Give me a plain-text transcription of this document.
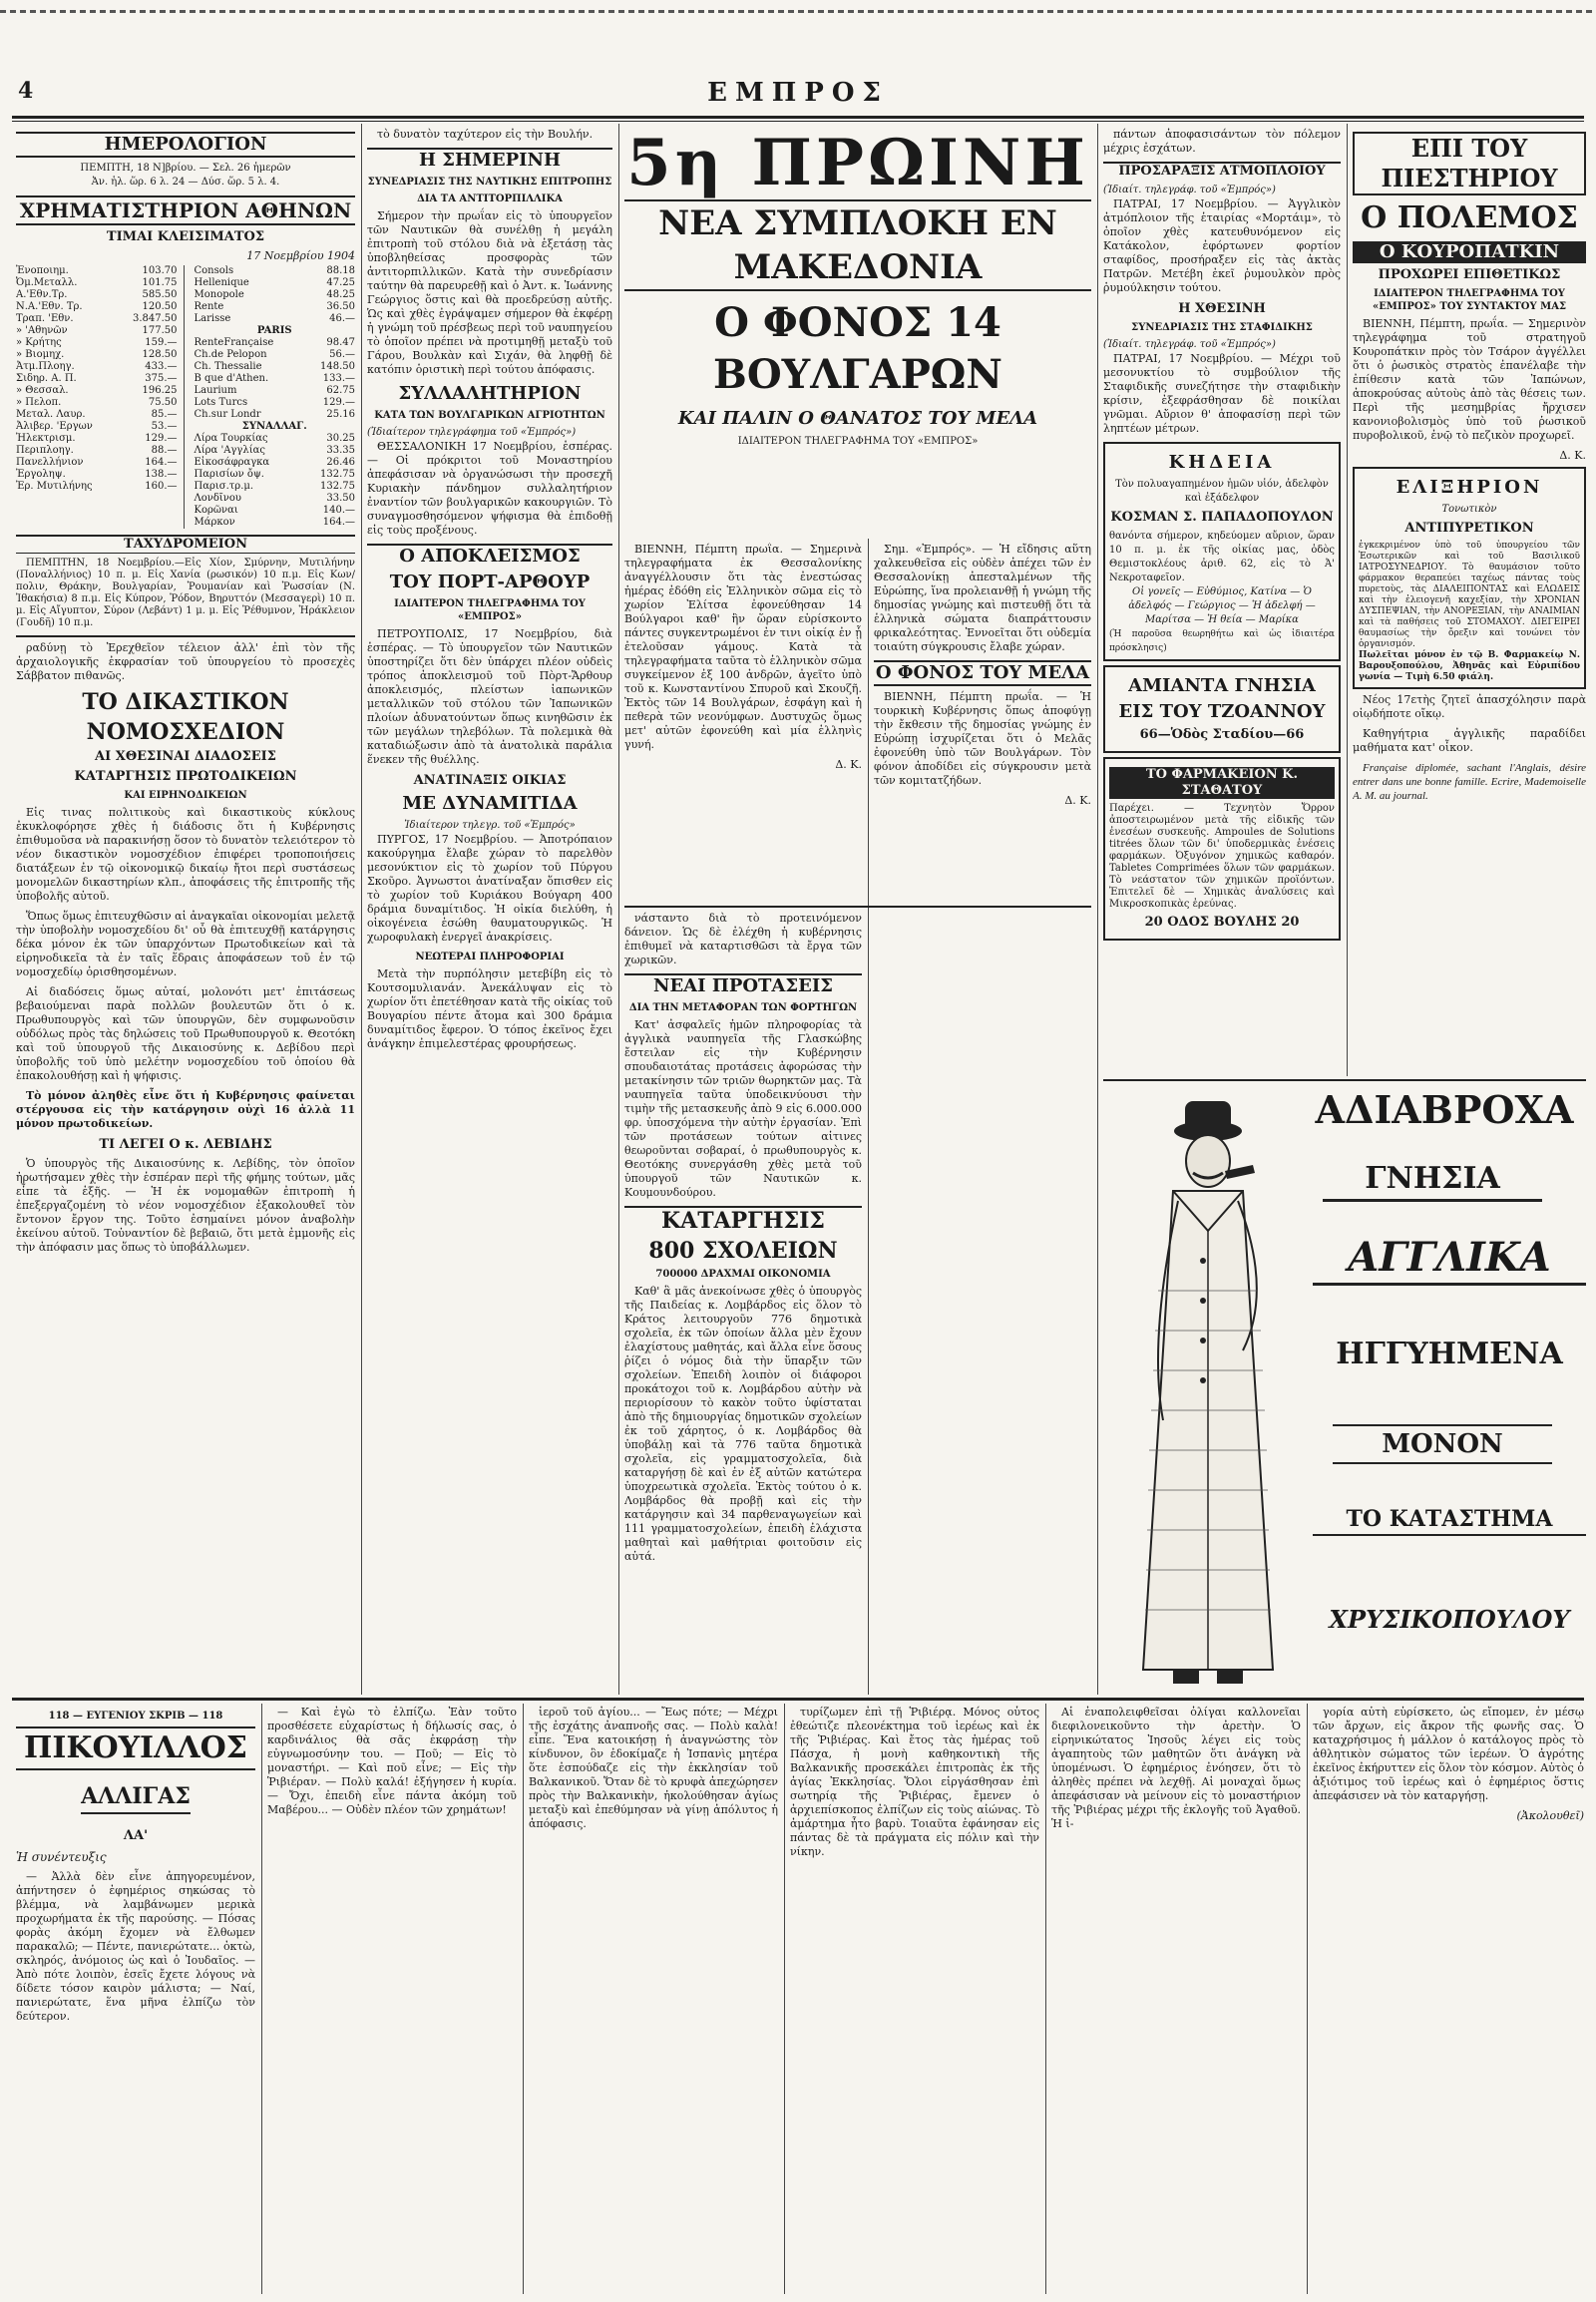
4	ΕΜΠΡΟΣ
ΗΜΕΡΟΛΟΓΙΟΝ
ΠΕΜΠΤΗ, 18 Ν]βρίου. — Σελ. 26 ἡμερῶν
Ἀν. ἡλ. ὥρ. 6 λ. 24 — Δύσ. ὥρ. 5 λ. 4.
ΧΡΗΜΑΤΙΣΤΗΡΙΟΝ ΑΘΗΝΩΝ
ΤΙΜΑΙ ΚΛΕΙΣΙΜΑΤΟΣ
17 Νοεμβρίου 1904
Ἐνοποιημ.	103.70
Ὀμ.Μεταλλ.	101.75
Α.'Εθν.Τρ.	585.50
Ν.Α.'Εθν. Τρ.	120.50
Τραπ. 'Εθν.	3.847.50
» 'Αθηνῶν	177.50
» Κρήτης	159.—
» Βιομηχ.	128.50
Ἀτμ.Πλοηγ.	433.—
Σιδηρ. Α. Π.	375.—
» Θεσσαλ.	196.25
» Πελοπ.	75.50
Μεταλ. Λαυρ.	85.—
Ἀλιβερ. 'Εργων	53.—
Ἠλεκτρισμ.	129.—
Περιπλοηγ.	88.—
Πανελλήνιον	164.—
Ἐργοληψ.	138.—
Ἐρ. Μυτιλήνης	160.—
Consols	88.18
Hellenique	47.25
Monopole	48.25
Rente	36.50
Larisse	46.—
PARIS
RenteFrançaise	98.47
Ch.de Pelopon	56.—
Ch. Thessalie	148.50
B que d'Athen.	133.—
Laurium	62.75
Lots Turcs	129.—
Ch.sur Londr	25.16
ΣΥΝΑΛΛΑΓ.
Λίρα Τουρκίας	30.25
Λίρα 'Αγγλίας	33.35
Εἰκοσάφραγκα	26.46
Παρισίων ὄψ.	132.75
Παρισ.τρ.μ.	132.75
Λονδῖνου	33.50
Κορῶναι	140.—
Μάρκον	164.—
ΤΑΧΥΔΡΟΜΕΙΟΝ

ΠΕΜΠΤΗΝ, 18 Νοεμβρίου.—Εἰς Χίον, Σμύρνην, Μυτιλήνην (Ποναλλήνιος) 10 π. μ. Εἰς Χανία (ρωσικόν) 10 π.μ. Εἰς Κων/πολιν, Θράκην, Βουλγαρίαν, Ῥουμανίαν καὶ Ῥωσσίαν (Ν. Ἰθακήσια) 8 π.μ. Εἰς Κύπρον, Ῥόδον, Βηρυττόν (Μεσσαγερὶ) 10 π. μ. Εἰς Αἴγυπτον, Σύρον (Λεβάντ) 1 μ. μ. Εἰς Ῥέθυμνον, Ἡράκλειον (Γουδῆ) 10 π.μ.

ραδύνῃ τὸ Ἐρεχθεῖον τέλειον ἀλλ' ἐπὶ τὸν τῆς ἀρχαιολογικῆς ἐκφρασίαν τοῦ ὑπουργείου τὸ προσεχὲς Σάββατον πιθανῶς.

ΤΟ ΔΙΚΑΣΤΙΚΟΝ
ΝΟΜΟΣΧΕΔΙΟΝ
ΑΙ ΧΘΕΣΙΝΑΙ ΔΙΑΔΟΣΕΙΣ
ΚΑΤΑΡΓΗΣΙΣ ΠΡΩΤΟΔΙΚΕΙΩΝ
ΚΑΙ ΕΙΡΗΝΟΔΙΚΕΙΩΝ

Εἰς τινας πολιτικοὺς καὶ δικαστικοὺς κύκλους ἐκυκλοφόρησε χθὲς ἡ διάδοσις ὅτι ἡ Κυβέρνησις ἐπιθυμοῦσα νὰ παρακινήσῃ ὅσον τὸ δυνατὸν τελειότερον τὸ νέον δικαστικὸν νομοσχέδιον ἐπιφέρει τροποποιήσεις διατάξεων ἐν τῷ οἰκονομικῷ δικαίῳ ἤτοι περὶ συστάσεως μονομελῶν δικαστηρίων κλπ., ἀποφάσεις τῆς ἐπιτροπῆς τῆς ὑποβολῆς αὐτοῦ.

Ὅπως ὅμως ἐπιτευχθῶσιν αἱ ἀναγκαῖαι οἰκονομίαι μελετᾷ τὴν ὑποβολὴν νομοσχεδίου δι' οὗ θὰ ἐπιτευχθῇ κατάργησις δέκα μόνον ἐκ τῶν ὑπαρχόντων Πρωτοδικείων καὶ τὰ εἰρηνοδικεῖα τὰ ἐν ταῖς ἕδραις ἀποφάσεων τοῦ ἐν τῷ νομοσχεδίῳ ὀρισθησομένων.

Αἱ διαδόσεις ὅμως αὐταί, μολονότι μετ' ἐπιτάσεως βεβαιούμεναι παρὰ πολλῶν βουλευτῶν ὅτι ὁ κ. Πρωθυπουργὸς καὶ τῶν ὑπουργῶν, δὲν συμφωνοῦσιν οὐδόλως πρὸς τὰς δηλώσεις τοῦ Πρωθυπουργοῦ κ. Θεοτόκη καὶ τοῦ ὑπουργοῦ τῆς Δικαιοσύνης κ. Δεβίδου περὶ ὑποβολῆς τοῦ ὑπὸ μελέτην νομοσχεδίου τοῦ ὁποίου θὰ ἐπακολουθήσῃ καὶ ἡ ψήφισις.

Τὸ μόνον ἀληθὲς εἶνε ὅτι ἡ Κυβέρνησις φαίνεται στέργουσα εἰς τὴν κατάργησιν οὐχὶ 16 ἀλλὰ 11 μόνον πρωτοδικείων.

ΤΙ ΛΕΓΕΙ Ο κ. ΛΕΒΙΔΗΣ

Ὁ ὑπουργὸς τῆς Δικαιοσύνης κ. Λεβίδης, τὸν ὁποῖον ἠρωτήσαμεν χθὲς τὴν ἑσπέραν περὶ τῆς φήμης τούτων, μᾶς εἶπε τὰ ἑξῆς. — Ἡ ἐκ νομομαθῶν ἐπιτροπὴ ἡ ἐπεξεργαζομένη τὸ νέον νομοσχέδιον ἐξακολουθεῖ τὸν ἔντονον ἔργον της. Τοῦτο ἐσημαίνει μόνον ἀναβολὴν ἐκείνου αὐτοῦ. Τοὐναντίον δὲ βεβαιῶ, ὅτι μετὰ ἐμμονῆς εἰς τὴν ἀπόφασιν μας ὅπως τὸ ὑποβάλλωμεν.

τὸ δυνατὸν ταχύτερον εἰς τὴν Βουλήν.

Η ΣΗΜΕΡΙΝΗ
ΣΥΝΕΔΡΙΑΣΙΣ ΤΗΣ ΝΑΥΤΙΚΗΣ ΕΠΙΤΡΟΠΗΣ
ΔΙΑ ΤΑ ΑΝΤΙΤΟΡΠΙΛΛΙΚΑ

Σήμερον τὴν πρωΐαν εἰς τὸ ὑπουργεῖον τῶν Ναυτικῶν θὰ συνέλθῃ ἡ μεγάλη ἐπιτροπὴ τοῦ στόλου διὰ νὰ ἐξετάσῃ τὰς ὑποβληθείσας προσφορὰς τῶν ἀντιτορπιλλικῶν. Κατὰ τὴν συνεδρίασιν ταύτην θὰ παρευρεθῇ καὶ ὁ Ἀντ. κ. Ἰωάννης Γεώργιος ὅστις καὶ θὰ προεδρεύσῃ αὐτῆς. Ὡς καὶ χθὲς ἐγράψαμεν σήμερον θὰ ἐκφέρῃ ἡ γνώμη τοῦ πρέσβεως περὶ τοῦ ναυπηγείου τὸ ὁποῖον πρέπει νὰ προτιμηθῇ μεταξὺ τοῦ Γάρου, Βουλκὰν καὶ Σιχάν, θὰ ληφθῇ δὲ κατόπιν ὁριστικὴ περὶ τούτου ἀπόφασις.

ΣΥΛΛΑΛΗΤΗΡΙΟΝ
ΚΑΤΑ ΤΩΝ ΒΟΥΛΓΑΡΙΚΩΝ ΑΓΡΙΟΤΗΤΩΝ
(Ἰδιαίτερον τηλεγράφημα τοῦ «Ἐμπρός»)

ΘΕΣΣΑΛΟΝΙΚΗ 17 Νοεμβρίου, ἑσπέρας. — Οἱ πρόκριτοι τοῦ Μοναστηρίου ἀπεφάσισαν νὰ ὀργανώσωσι τὴν προσεχῆ Κυριακὴν πάνδημον συλλαλητήριον ἐναντίον τῶν βουλγαρικῶν κακουργιῶν. Τὸ συναγμοσθησόμενον ψήφισμα θὰ ἐπιδοθῇ εἰς τοὺς προξένους.

Ο ΑΠΟΚΛΕΙΣΜΟΣ
ΤΟΥ ΠΟΡΤ-ΑΡΘΟΥΡ
ΙΔΙΑΙΤΕΡΟΝ ΤΗΛΕΓΡΑΦΗΜΑ ΤΟΥ «ΕΜΠΡΟΣ»

ΠΕΤΡΟΥΠΟΛΙΣ, 17 Νοεμβρίου, διὰ ἑσπέρας. — Τὸ ὑπουργεῖον τῶν Ναυτικῶν ὑποστηρίζει ὅτι δὲν ὑπάρχει πλέον οὐδεὶς τρόπος ἀποκλεισμοῦ τοῦ Πὸρτ-Ἄρθουρ ἀποκλεισμός, πλείστων ἰαπωνικῶν μεταλλικῶν τοῦ στόλου τῶν Ἰαπωνικῶν πλοίων ἀδυνατούντων ὅπως κινηθῶσιν ἐκ τῶν μεγάλων τηλεβόλων. Τὰ πολεμικὰ θὰ καταδιώξωσιν ἀπὸ τὰ ἀνατολικὰ παράλια ἕνεκεν τῆς θυέλλης.

ΑΝΑΤΙΝΑΞΙΣ ΟΙΚΙΑΣ
ΜΕ ΔΥΝΑΜΙΤΙΔΑ
Ἰδιαίτερον τηλεγρ. τοῦ «Ἐμπρός»

ΠΥΡΓΟΣ, 17 Νοεμβρίου. — Ἀποτρόπαιον κακούργημα ἔλαβε χώραν τὸ παρελθὸν μεσονύκτιον εἰς τὸ χωρίον τοῦ Πύργου Σκοῦρο. Ἀγνωστοι ἀνατίναξαν ὅπισθεν εἰς τὸ χωρίον τοῦ Κυριάκου Βούγαρη 400 δράμια δυναμίτιδος. Ἡ οἰκία διελύθη, ἡ οἰκογένεια ἐσώθη θαυματουργικῶς. Ἡ χωροφυλακὴ ἐνεργεῖ ἀνακρίσεις.

ΝΕΩΤΕΡΑΙ ΠΛΗΡΟΦΟΡΙΑΙ

Μετὰ τὴν πυρπόλησιν μετεβίβη εἰς τὸ Κουτσομυλιανάν. Ἀνεκάλυψαν εἰς τὸ χωρίον ὅτι ἐπετέθησαν κατὰ τῆς οἰκίας τοῦ Βουγαρίου πέντε ἄτομα καὶ 300 δράμια δυναμίτιδος ἔφερον. Ὁ τόπος ἐκεῖνος ἔχει ἀνάγκην ἐπιμελεστέρας φρουρήσεως.

5η ΠΡΩΙΝΗ
ΝΕΑ ΣΥΜΠΛΟΚΗ ΕΝ ΜΑΚΕΔΟΝΙΑ
Ο ΦΟΝΟΣ 14 ΒΟΥΛΓΑΡΩΝ
ΚΑΙ ΠΑΛΙΝ Ο ΘΑΝΑΤΟΣ ΤΟΥ ΜΕΛΑ
ΙΔΙΑΙΤΕΡΟΝ ΤΗΛΕΓΡΑΦΗΜΑ ΤΟΥ «ΕΜΠΡΟΣ»

ΒΙΕΝΝΗ, Πέμπτη πρωΐα. — Σημερινὰ τηλεγραφήματα ἐκ Θεσσαλονίκης ἀναγγέλλουσιν ὅτι τὰς ἐνεστώσας ἡμέρας ἐδόθη εἰς Ἑλληνικὸν σῶμα εἰς τὸ χωρίον Ἐλίτσα ἐφονεύθησαν 14 Βούλγαροι καθ' ἣν ὥραν εὑρίσκοντο πάντες συγκεντρωμένοι ἐν τινι οἰκίᾳ ἐν ᾗ ἐτελοῦσαν γάμους. Κατὰ τὰ τηλεγραφήματα ταῦτα τὸ ἑλληνικὸν σῶμα συγκείμενον ἐξ 100 ἀνδρῶν, ἀγεῖτο ὑπὸ τοῦ κ. Κωνσταντίνου Σπυροῦ καὶ Σκουζῆ. Ἐκτὸς τῶν 14 Βουλγάρων, ἐσφάγη καὶ ἡ πεθερὰ τῶν νεονύμφων. Δυστυχῶς ὅμως μετ' αὐτῶν ἐφονεύθη καὶ μία ἑλληνὶς γυνή.

Δ. Κ.

Σημ. «Ἐμπρός». — Ἡ εἴδησις αὕτη χαλκευθεῖσα εἰς οὐδὲν ἀπέχει τῶν ἐν Θεσσαλονίκῃ ἀπεσταλμένων τῆς Εὐρώπης, ἵνα προλειανθῇ ἡ γνώμη τῆς δημοσίας γνώμης καὶ πιστευθῇ ὅτι τὰ ἑλληνικὰ σώματα διαπράττουσιν φρικαλεότητας. Ἐννοεῖται ὅτι οὐδεμία τοιαύτη σύγκρουσις ἔλαβε χώραν.

Ο ΦΟΝΟΣ ΤΟΥ ΜΕΛΑ

ΒΙΕΝΝΗ, Πέμπτη πρωΐα. — Ἡ τουρκικὴ Κυβέρνησις ὅπως ἀποφύγῃ τὴν ἔκθεσιν τῆς δημοσίας γνώμης ἐν Εὐρώπῃ ἰσχυρίζεται ὅτι ὁ Μελᾶς ἐφονεύθη ὑπὸ τῶν Βουλγάρων. Τὸν φόνον ἀποδίδει εἰς σύγκρουσιν μετὰ τῶν κομιτατζήδων.

Δ. Κ.

νάσταντο διὰ τὸ προτεινόμενον δάνειον. Ὡς δὲ ἐλέχθη ἡ κυβέρνησις ἐπιθυμεῖ νὰ καταρτισθῶσι τὰ ἔργα τῶν χωρικῶν.

ΝΕΑΙ ΠΡΟΤΑΣΕΙΣ
ΔΙΑ ΤΗΝ ΜΕΤΑΦΟΡΑΝ ΤΩΝ ΦΟΡΤΗΓΩΝ

Κατ' ἀσφαλεῖς ἡμῶν πληροφορίας τὰ ἀγγλικὰ ναυπηγεῖα τῆς Γλασκώβης ἔστειλαν εἰς τὴν Κυβέρνησιν σπουδαιοτάτας προτάσεις ἀφορώσας τὴν μετακίνησιν τῶν τριῶν θωρηκτῶν μας. Τὰ ναυπηγεῖα ταῦτα ὑποδεικνύουσι τὴν τιμὴν τῆς μετασκευῆς ἀπὸ 9 εἰς 6.000.000 φρ. ὑποσχόμενα τὴν αὐτὴν ἐργασίαν. Ἐπὶ τῶν προτάσεων τούτων αἱτινες θεωροῦνται σοβαραί, ὁ πρωθυπουργὸς κ. Θεοτόκης συνεργάσθη χθὲς μετὰ τοῦ ὑπουργοῦ τῶν Ναυτικῶν κ. Κουμουνδούρου.

ΚΑΤΑΡΓΗΣΙΣ
800 ΣΧΟΛΕΙΩΝ
700000 ΔΡΑΧΜΑΙ ΟΙΚΟΝΟΜΙΑ

Καθ' ἃ μᾶς ἀνεκοίνωσε χθὲς ὁ ὑπουργὸς τῆς Παιδείας κ. Λομβάρδος εἰς ὅλον τὸ Κράτος λειτουργοῦν 776 δημοτικὰ σχολεῖα, ἐκ τῶν ὁποίων ἄλλα μὲν ἔχουν ἐλαχίστους μαθητάς, καὶ ἄλλα εἶνε ὅσους ῥίζει ὁ νόμος διὰ τὴν ὕπαρξιν τῶν σχολείων. Ἐπειδὴ λοιπὸν οἱ διάφοροι προκάτοχοι τοῦ κ. Λομβάρδου αὐτὴν νὰ περιορίσουν τὸ κακὸν τοῦτο ὑφίσταται ἀπὸ τῆς δημιουργίας δημοτικῶν σχολείων ἐκ τοῦ χάρητος, ὁ κ. Λομβάρδος θὰ ὑποβάλῃ καὶ τὰ 776 ταῦτα δημοτικὰ σχολεῖα, εἰς γραμματοσχολεῖα, διὰ καταργήσῃ δὲ καὶ ἐν ἐξ αὐτῶν κατώτερα ὑποχρεωτικὰ σχολεῖα. Ἐκτὸς τούτου ὁ κ. Λομβάρδος θὰ προβῇ καὶ εἰς τὴν κατάργησιν καὶ 34 παρθεναγωγείων καὶ 111 γραμματοσχολείων, ἐπειδὴ ἐλάχιστα μαθηταὶ καὶ μαθήτριαι φοιτοῦσιν εἰς αὐτά.

πάντων ἀποφασισάντων τὸν πόλεμον μέχρις ἐσχάτων.

ΠΡΟΣΑΡΑΞΙΣ ΑΤΜΟΠΛΟΙΟΥ
(Ἰδιαίτ. τηλεγράφ. τοῦ «Ἐμπρός»)

ΠΑΤΡΑΙ, 17 Νοεμβρίου. — Ἀγγλικὸν ἀτμόπλοιον τῆς ἑταιρίας «Μορτάιμ», τὸ ὁποῖον χθὲς κατευθυνόμενον εἰς Κατάκολον, ἐφόρτωνεν φορτίον σταφίδος, προσήραξεν εἰς τὰς ἀκτὰς Πατρῶν. Μετέβη ἐκεῖ ῥυμουλκὸν πρὸς ῥυμούλκησιν τούτου.

Η ΧΘΕΣΙΝΗ
ΣΥΝΕΔΡΙΑΣΙΣ ΤΗΣ ΣΤΑΦΙΔΙΚΗΣ
(Ἰδιαίτ. τηλεγράφ. τοῦ «Ἐμπρός»)

ΠΑΤΡΑΙ, 17 Νοεμβρίου. — Μέχρι τοῦ μεσονυκτίου τὸ συμβούλιον τῆς Σταφιδικῆς συνεζήτησε τὴν σταφιδικὴν κρίσιν, ἐξεφράσθησαν δὲ ποικίλαι γνῶμαι. Αὔριον θ' ἀποφασίσῃ περὶ τῶν ληπτέων μέτρων.

ΚΗΔΕΙΑ
Τὸν πολυαγαπημένον ἡμῶν υἱόν, ἀδελφὸν καὶ ἐξάδελφον
ΚΟΣΜΑΝ Σ. ΠΑΠΑΔΟΠΟΥΛΟΝ
θανόντα σήμερον, κηδεύομεν αὔριον, ὥραν 10 π. μ. ἐκ τῆς οἰκίας μας, ὁδὸς Θεμιστοκλέους ἀριθ. 62, εἰς τὸ Ἀ' Νεκροταφεῖον.
Οἱ γονεῖς — Εὐθύμιος, Κατίνα — Ὁ ἀδελφός — Γεώργιος — Ἡ ἀδελφή — Μαρίτσα — Ἡ θεία — Μαρίκα
(Ἡ παροῦσα θεωρηθήτω καὶ ὡς ἰδιαιτέρα πρόσκλησις)
ΑΜΙΑΝΤΑ ΓΝΗΣΙΑ
ΕΙΣ ΤΟΥ ΤΖΟΑΝΝΟΥ
66—Ὁδὸς Σταδίου—66
ΤΟ ΦΑΡΜΑΚΕΙΟΝ Κ. ΣΤΑΘΑΤΟΥ
Παρέχει. — Τεχνητὸν Ὄρρον ἀποστειρωμένον μετὰ τῆς εἰδικῆς τῶν ἐνεσέων συσκευῆς. Ampoules de Solutions titrées ὅλων τῶν δι' ὑποδερμικὰς ἐνέσεις φαρμάκων. Ὀξυγόνον χημικῶς καθαρόν. Tabletes Comprimées ὅλων τῶν φαρμάκων. Τὸ νεάστατον τῶν χημικῶν προϊόντων. Ἐπιτελεῖ δὲ — Χημικὰς ἀναλύσεις καὶ Μικροσκοπικὰς ἐρεύνας.
20 ΟΔΟΣ ΒΟΥΛΗΣ 20
ΕΠΙ ΤΟΥ ΠΙΕΣΤΗΡΙΟΥ
Ο ΠΟΛΕΜΟΣ
Ο ΚΟΥΡΟΠΑΤΚΙΝ
ΠΡΟΧΩΡΕΙ ΕΠΙΘΕΤΙΚΩΣ
ΙΔΙΑΙΤΕΡΟΝ ΤΗΛΕΓΡΑΦΗΜΑ ΤΟΥ «ΕΜΠΡΟΣ» ΤΟΥ ΣΥΝΤΑΚΤΟΥ ΜΑΣ

ΒΙΕΝΝΗ, Πέμπτη, πρωΐα. — Σημερινὸν τηλεγράφημα τοῦ στρατηγοῦ Κουροπάτκιν πρὸς τὸν Τσάρον ἀγγέλλει ὅτι ὁ ῥωσικὸς στρατὸς ἐπανέλαβε τὴν ἐπίθεσιν κατὰ τῶν Ἰαπώνων, ἀποκρούσας αὐτοὺς ἀπὸ τὰς θέσεις των. Περὶ τῆς μεσημβρίας ἤρχισεν κανονιοβολισμὸς ὑπὸ τοῦ ῥωσικοῦ πυροβολικοῦ, ἐνῷ τὸ πεζικὸν προχωρεῖ.

Δ. Κ.
ΕΛΙΞΗΡΙΟΝ
Τονωτικὸν
ΑΝΤΙΠΥΡΕΤΙΚΟΝ
ἐγκεκριμένον ὑπὸ τοῦ ὑπουργείου τῶν Ἐσωτερικῶν καὶ τοῦ Βασιλικοῦ ΙΑΤΡΟΣΥΝΕΔΡΙΟΥ. Τὸ θαυμάσιον τοῦτο φάρμακον θεραπεύει ταχέως πάντας τοὺς πυρετοὺς, τὰς ΔΙΑΛΕΙΠΟΝΤΑΣ καὶ ΕΛΩΔΕΙΣ καὶ τὴν ἐλειογενῆ καχεξίαν, τὴν ΧΡΟΝΙΑΝ ΔΥΣΠΕΨΙΑΝ, τὴν ΑΝΟΡΕΞΙΑΝ, τὴν ΑΝΑΙΜΙΑΝ καὶ τὰ παθήσεις τοῦ ΣΤΟΜΑΧΟΥ. ΔΙΕΓΕΙΡΕΙ θαυμασίως τὴν ὄρεξιν καὶ τονώνει τὸν ὀργανισμόν.
Πωλεῖται μόνον ἐν τῷ Β. Φαρμακείῳ Ν. Βαρουξοπούλου, Ἀθηνᾶς καὶ Εὐριπίδου γωνία — Τιμὴ 6.50 φιάλη.

Νέος 17ετὴς ζητεῖ ἀπασχόλησιν παρὰ οἱῳδήποτε οἴκῳ.

Καθηγήτρια ἀγγλικῆς παραδίδει μαθήματα κατ' οἶκον.

Française diplomée, sachant l'Anglais, désire entrer dans une bonne famille. Ecrire, Mademoiselle A. M. au journal.

ΑΔΙΑΒΡΟΧΑ
ΓΝΗΣΙΑ
ΑΓΓΛΙΚΑ
ΗΓΓΥΗΜΕΝΑ
ΜΟΝΟΝ
ΤΟ ΚΑΤΑΣΤΗΜΑ
ΧΡΥΣΙΚΟΠΟΥΛΟΥ
118 — ΕΥΓΕΝΙΟΥ ΣΚΡΙΒ — 118
ΠΙΚΟΥΙΛΛΟΣ
ΑΛΛΙΓΑΣ
ΛΑ'
Ἡ συνέντευξις

— Ἀλλὰ δὲν εἶνε ἀπηγορευμένον, ἀπήντησεν ὁ ἐφημέριος σηκώσας τὸ βλέμμα, νὰ λαμβάνωμεν μερικὰ προχωρήματα ἐκ τῆς παρούσης. — Πόσας φορὰς ἀκόμη ἔχομεν νὰ ἔλθωμεν παρακαλῶ; — Πέντε, πανιερώτατε... ὀκτὼ, σκληρός, ἀνόμοιος ὡς καὶ ὁ Ἰουδαῖος. — Ἀπὸ πότε λοιπὸν, ἐσεῖς ἔχετε λόγους νὰ δίδετε τόσον καιρὸν μάλιστα; — Ναί, πανιερώτατε, ἕνα μῆνα ἐλπίζω τὸν δεύτερον.

— Καὶ ἐγὼ τὸ ἐλπίζω. Ἐὰν τοῦτο προσθέσετε εὐχαρίστως ἡ δήλωσίς σας, ὁ καρδινάλιος θὰ σᾶς ἐκφράσῃ τὴν εὐγνωμοσύνην του. — Ποῦ; — Εἰς τὸ μοναστήρι. — Καὶ ποῦ εἶνε; — Εἰς τὴν Ῥιβιέραν. — Πολὺ καλά! ἐξήγησεν ἡ κυρία. — Ὄχι, ἐπειδὴ εἶνε πάντα ἀκόμη τοῦ Μαβέρου... — Οὐδὲν πλέον τῶν χρημάτων!

ἱεροῦ τοῦ ἀγίου... — Ἔως πότε; — Μέχρι τῆς ἐσχάτης ἀναπνοῆς σας. — Πολὺ καλὰ! εἶπε. Ἕνα κατοικήσῃ ἡ ἀναγνώστης τὸν κίνδυνον, ὃν ἐδοκίμαζε ἡ Ἱσπανὶς μητέρα ὅτε ἐσπούδαζε εἰς τὴν ἐκκλησίαν τοῦ Βαλκανικοῦ. Ὅταν δὲ τὸ κρυφὰ ἀπεχώρησεν πρὸς τὴν Βαλκανικὴν, ἠκολούθησαν ἁγίως μεταξὺ καὶ ἐπεθύμησαν νὰ γίνῃ ἀπόλυτος ἡ ἀπόφασις.

τυρίζωμεν ἐπὶ τῇ Ῥιβιέρᾳ. Μόνος οὗτος ἐθεώτιζε πλεονέκτημα τοῦ ἱερέως καὶ ἐκ τῆς Ῥιβιέρας. Καὶ ἔτος τὰς ἡμέρας τοῦ Πάσχα, ἡ μονὴ καθηκοντικὴ τῆς Βαλκανικῆς προσεκάλει ἐπιτροπὰς ἐκ τῆς ἁγίας Ἐκκλησίας. Ὅλοι εἰργάσθησαν ἐπὶ σωτηρίᾳ τῆς Ῥιβιέρας, ἔμενεν ὁ ἀρχιεπίσκοπος ἐλπίζων εἰς τοὺς αἰώνας. Τὸ ἀμάρτημα ἦτο βαρὺ. Τοιαῦτα ἐφάνησαν εἰς πάντας δὲ τὰ πράγματα εἰς πόλιν καὶ τὴν νίκην.

Αἱ ἐναπολειφθεῖσαι ὀλίγαι καλλονεῖαι διεφιλονεικοῦντο τὴν ἀρετὴν. Ὁ εἰρηνικώτατος Ἰησοῦς λέγει εἰς τοὺς ἀγαπητοὺς τῶν μαθητῶν ὅτι ἀνάγκη νὰ ὑπομένωσι. Ὁ ἐφημέριος ἐνόησεν, ὅτι τὸ ἀληθὲς πρέπει νὰ λεχθῇ. Αἱ μοναχαὶ ὅμως ἀπεφάσισαν νὰ μείνουν εἰς τὸ μοναστήριον τῆς Ῥιβιέρας μέχρι τῆς ἐκλογῆς τοῦ Ἀγαθοῦ. Ἡ ἱ-

γορία αὐτὴ εὑρίσκετο, ὡς εἴπομεν, ἐν μέσῳ τῶν ἄρχων, εἰς ἄκρον τῆς φωνῆς σας. Ὁ καταχρήσιμος ἡ μάλλον ὁ κατάλογος πρὸς τὸ ἀθλητικὸν σώματος τῶν ἱερέων. Ὁ ἀγρότης ἐκεῖνος ἐκήρυττεν εἰς ὅλον τὸν κόσμον. Αὐτὸς ὁ ἀξιότιμος τοῦ ἱερέως καὶ ὁ ἐφημέριος ὅστις ἀπεφάσισεν νὰ τὸν καταργήσῃ.

(Ἀκολουθεῖ)
